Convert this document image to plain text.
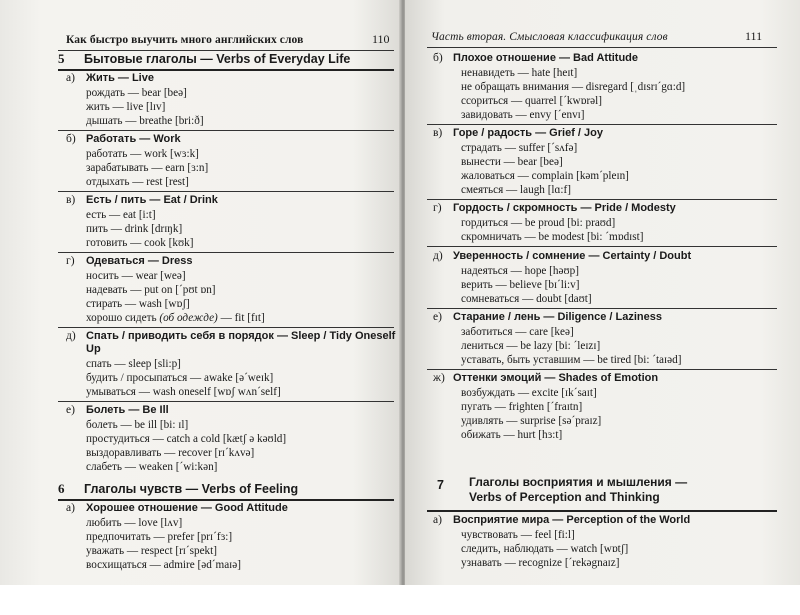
Как быстро выучить много английских слов	110
5 Бытовые глаголы — Verbs of Everyday Life
а) Жить — Live
рождать — bear [beə]
жить — live [lɪv]
дышать — breathe [bri:ð]
б) Работать — Work
работать — work [wɜ:k]
зарабатывать — earn [ɜ:n]
отдыхать — rest [rest]
в) Есть / пить — Eat / Drink
есть — eat [i:t]
пить — drink [drɪŋk]
готовить — cook [kʊk]
г) Одеваться — Dress
носить — wear [weə]
надевать — put on [ˊpʊt ɒn]
стирать — wash [wɒʃ]
хорошо сидеть (об одежде) — fit [fɪt]
д) Спать / приводить себя в порядок — Sleep / Tidy Oneself
Up
спать — sleep [sli:p]
будить / просыпаться — awake [əˊweɪk]
умываться — wash oneself [wɒʃ wʌnˊself]
е) Болеть — Be Ill
болеть — be ill [bi: ɪl]
простудиться — catch a cold [kætʃ ə kəʊld]
выздоравливать — recover [rɪˊkʌvə]
слабеть — weaken [ˊwi:kən]
6 Глаголы чувств — Verbs of Feeling
а) Хорошее отношение — Good Attitude
любить — love [lʌv]
предпочитать — prefer [prɪˊfɜ:]
уважать — respect [rɪˊspekt]
восхищаться — admire [ədˊmaɪə]
Часть вторая. Смысловая классификация слов	111
б) Плохое отношение — Bad Attitude
ненавидеть — hate [heɪt]
не обращать внимания — disregard [ˌdɪsrɪˊgɑ:d]
ссориться — quarrel [ˊkwɒrəl]
завидовать — envy [ˊenvɪ]
в) Горе / радость — Grief / Joy
страдать — suffer [ˊsʌfə]
вынести — bear [beə]
жаловаться — complain [kəmˊpleɪn]
смеяться — laugh [lɑ:f]
г) Гордость / скромность — Pride / Modesty
гордиться — be proud [bi: praʊd]
скромничать — be modest [bi: ˊmɒdɪst]
д) Уверенность / сомнение — Certainty / Doubt
надеяться — hope [həʊp]
верить — believe [bɪˊli:v]
сомневаться — doubt [daʊt]
е) Старание / лень — Diligence / Laziness
заботиться — care [keə]
лениться — be lazy [bi: ˊleɪzɪ]
уставать, быть уставшим — be tired [bi: ˊtaɪəd]
ж) Оттенки эмоций — Shades of Emotion
возбуждать — excite [ɪkˊsaɪt]
пугать — frighten [ˊfraɪtn]
удивлять — surprise [səˊpraɪz]
обижать — hurt [hɜ:t]
7 Глаголы восприятия и мышления —
Verbs of Perception and Thinking
а) Восприятие мира — Perception of the World
чувствовать — feel [fi:l]
следить, наблюдать — watch [wɒtʃ]
узнавать — recognize [ˊrekəgnaɪz]
